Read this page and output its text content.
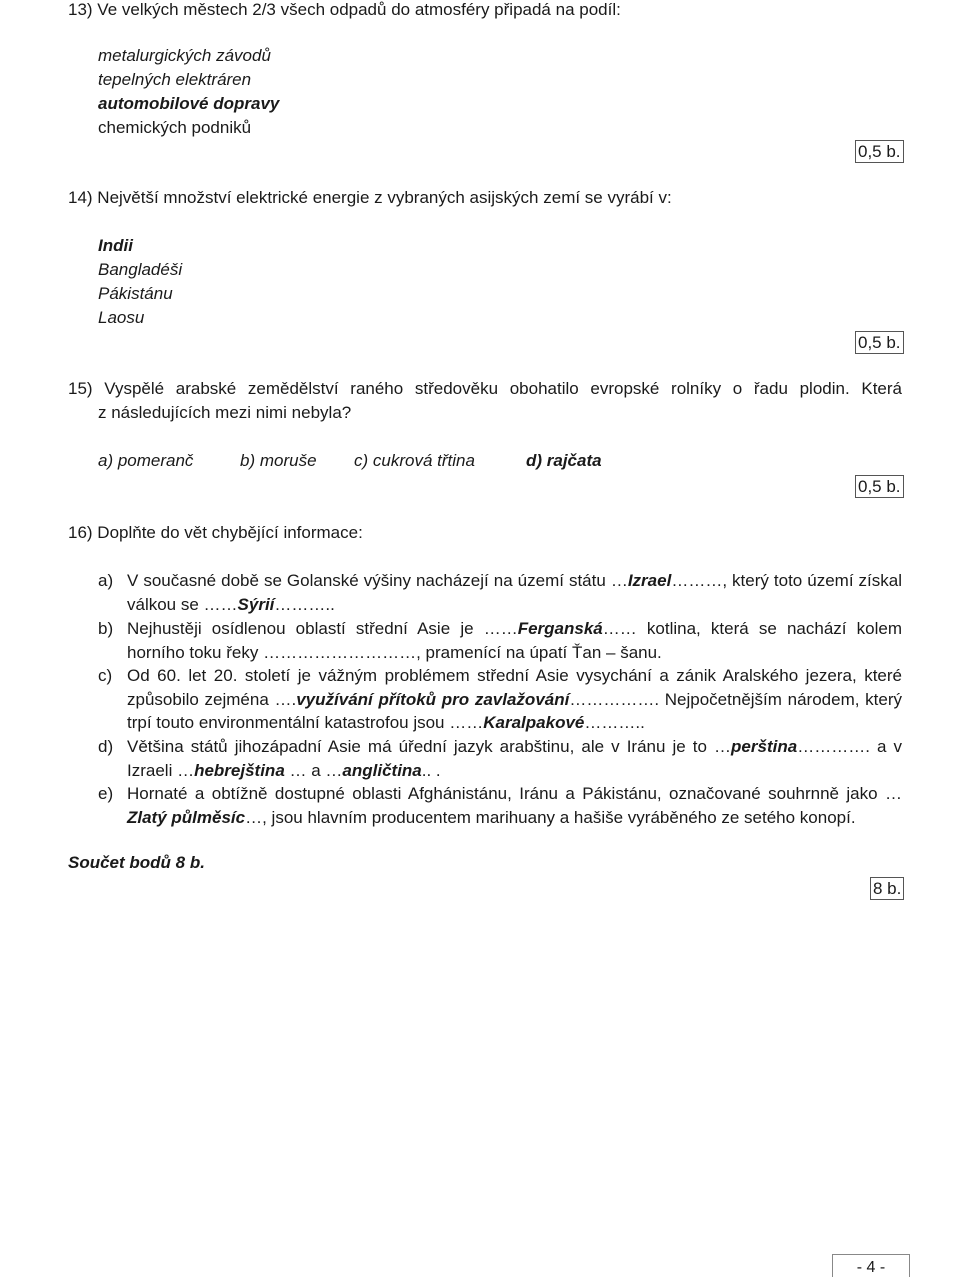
13) Ve velkých městech 2/3 všech odpadů do atmosféry připadá na podíl:
metalurgických závodů
tepelných elektráren
automobilové dopravy
chemických podniků
0,5 b.
14) Největší množství elektrické energie z vybraných asijských zemí se vyrábí v:
Indii
Bangladéši
Pákistánu
Laosu
0,5 b.
15) Vyspělé arabské zemědělství raného středověku obohatilo evropské rolníky o řadu plodin. Která
z následujících mezi nimi nebyla?
a) pomeranč	b) moruše c) cukrová třtina	d) rajčata
0,5 b.
16) Doplňte do vět chybějící informace:
a) V současné době se Golanské výšiny nacházejí na území státu …Izrael………, který toto území získal válkou se ……Sýrií………..
b) Nejhustěji osídlenou oblastí střední Asie je ……Ferganská…… kotlina, která se nachází kolem horního toku řeky ………………………, pramenící na úpatí Ťan – šanu.
c) Od 60. let 20. století je vážným problémem střední Asie vysychání a zánik Aralského jezera, které způsobilo zejména ….využívání přítoků pro zavlažování……………. Nejpočetnějším národem, který trpí touto environmentální katastrofou jsou ……Karalpakové………..
d) Většina států jihozápadní Asie má úřední jazyk arabštinu, ale v Iránu je to …perština…………. a v Izraeli …hebrejština … a …angličtina.. .
e) Hornaté a obtížně dostupné oblasti Afghánistánu, Iránu a Pákistánu, označované souhrnně jako …Zlatý půlměsíc…, jsou hlavním producentem marihuany a hašiše vyráběného ze setého konopí.
Součet bodů 8 b.
8 b.
- 4 -
